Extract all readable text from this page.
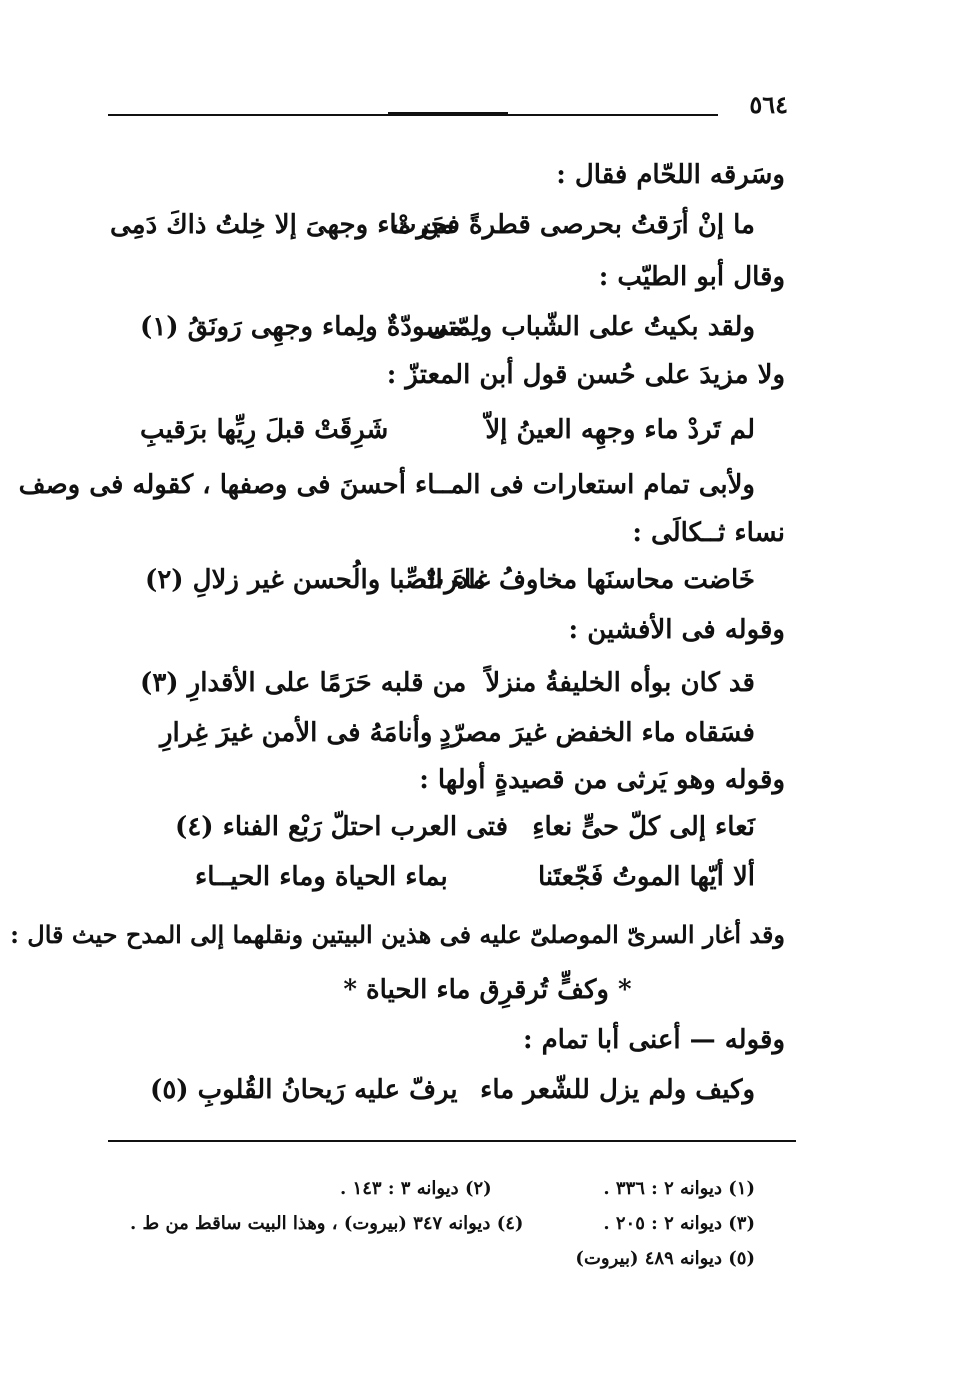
٥٦٤
وسَرقه اللحّام فقال :
ما إنْ أرَقتُ بحرصى قطرةً فجَرتْ
من ماء وجهىَ إلا خِلتُ ذاكَ دَمِى
وقال أبو الطيّب :
ولقد بكيتُ على الشّباب ولِمّتى
مسودّةٌ ولِماء وجهِى رَونَقُ (١)
ولا مزيدَ على حُسن قول أبن المعتزّ :
لم تَردْ ماء وجهِه العينُ إلاّ
شَرِقَتْ قبلَ رِيِّها برَقيبِ
ولأبى تمام استعارات فى المــاء أحسنَ فى وصفها ، كقوله فى وصف
نساء ثــكالَى :
خَاضت محاسنَها مخاوفُ غادرتْ
ماءَ الصِّبا والُحسن غير زلالِ (٢)
وقوله فى الأفشين :
قد كان بوأه الخليفةُ منزلاً
من قلبه حَرَمًا على الأقدارِ (٣)
فسَقاه ماء الخفض غيرَ مصرّدٍ
وأنامَهُ فى الأمن غيرَ غِرارِ
وقوله وهو يَرثى من قصيدةٍ أولها :
نَعاء إلى كلّ حىٍّ نعاءِ
فتى العرب احتلّ رَبْع الفناء (٤)
ألا أيّها الموتُ فَجّعتَنا
بماء الحياة وماء الحيــاء
وقد أغار السرىّ الموصلىّ عليه فى هذين البيتين ونقلهما إلى المدح حيث قال :
* وكفٍّ تُرقرِق ماء الحياة *
وقوله — أعنى أبا تمام :
وكيف ولم يزل للشّعر ماء
يرفّ عليه رَيحانُ القُلوبِ (٥)
(١) ديوانه ٢ : ٣٣٦ .
(٢) ديوانه ٣ : ١٤٣ .
(٣) ديوانه ٢ : ٢٠٥ .
(٤) ديوانه ٣٤٧ (بيروت) ، وهذا البيت ساقط من ط .
(٥) ديوانه ٤٨٩ (بيروت)
